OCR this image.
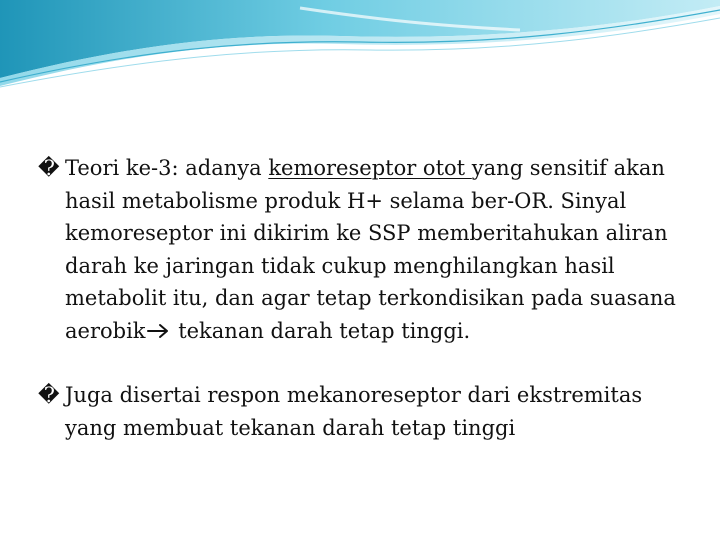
� Teori ke-3: adanya kemoreseptor otot yang sensitif akan hasil metabolisme produk H+ selama ber-OR. Sinyal kemoreseptor ini dikirim ke SSP memberitahukan aliran darah ke jaringan tidak cukup menghilangkan hasil metabolit itu, dan agar tetap terkondisikan pada suasana aerobik tekanan darah tetap tinggi.

� Juga disertai respon mekanoreseptor dari ekstremitas yang membuat tekanan darah tetap tinggi
